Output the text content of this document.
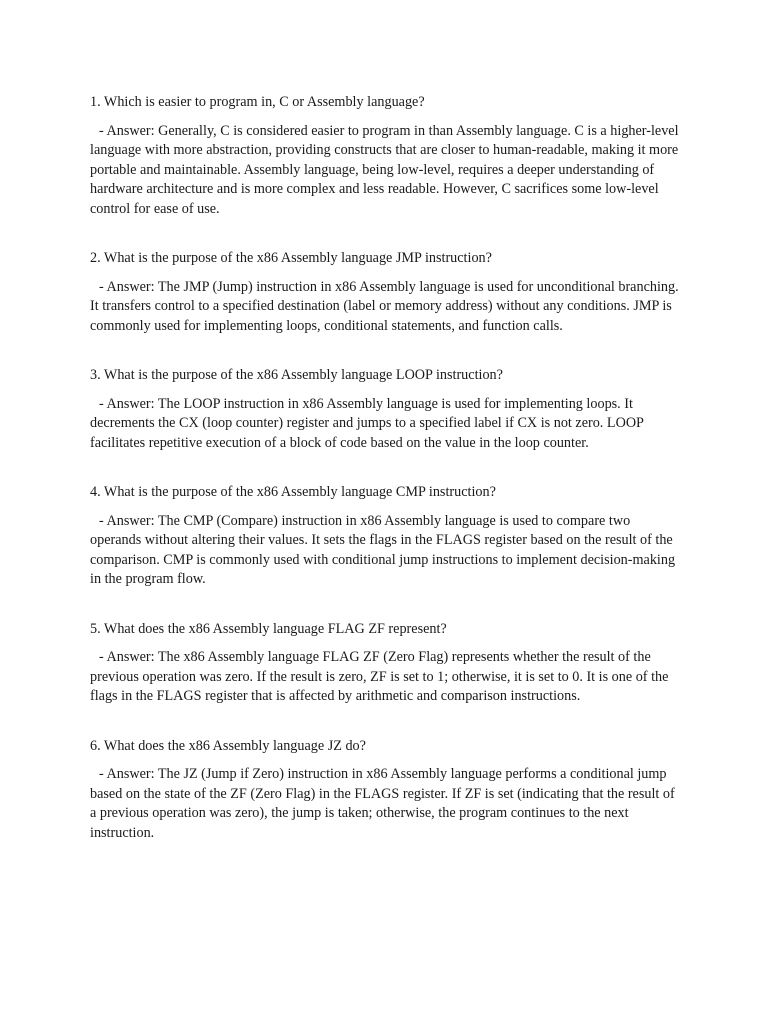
1. Which is easier to program in, C or Assembly language?

- Answer: Generally, C is considered easier to program in than Assembly language. C is a higher-level language with more abstraction, providing constructs that are closer to human-readable, making it more portable and maintainable. Assembly language, being low-level, requires a deeper understanding of hardware architecture and is more complex and less readable. However, C sacrifices some low-level control for ease of use.

2. What is the purpose of the x86 Assembly language JMP instruction?

- Answer: The JMP (Jump) instruction in x86 Assembly language is used for unconditional branching. It transfers control to a specified destination (label or memory address) without any conditions. JMP is commonly used for implementing loops, conditional statements, and function calls.

3. What is the purpose of the x86 Assembly language LOOP instruction?

- Answer: The LOOP instruction in x86 Assembly language is used for implementing loops. It decrements the CX (loop counter) register and jumps to a specified label if CX is not zero. LOOP facilitates repetitive execution of a block of code based on the value in the loop counter.

4. What is the purpose of the x86 Assembly language CMP instruction?

- Answer: The CMP (Compare) instruction in x86 Assembly language is used to compare two operands without altering their values. It sets the flags in the FLAGS register based on the result of the comparison. CMP is commonly used with conditional jump instructions to implement decision-making in the program flow.

5. What does the x86 Assembly language FLAG ZF represent?

- Answer: The x86 Assembly language FLAG ZF (Zero Flag) represents whether the result of the previous operation was zero. If the result is zero, ZF is set to 1; otherwise, it is set to 0. It is one of the flags in the FLAGS register that is affected by arithmetic and comparison instructions.

6. What does the x86 Assembly language JZ do?

- Answer: The JZ (Jump if Zero) instruction in x86 Assembly language performs a conditional jump based on the state of the ZF (Zero Flag) in the FLAGS register. If ZF is set (indicating that the result of a previous operation was zero), the jump is taken; otherwise, the program continues to the next instruction.
